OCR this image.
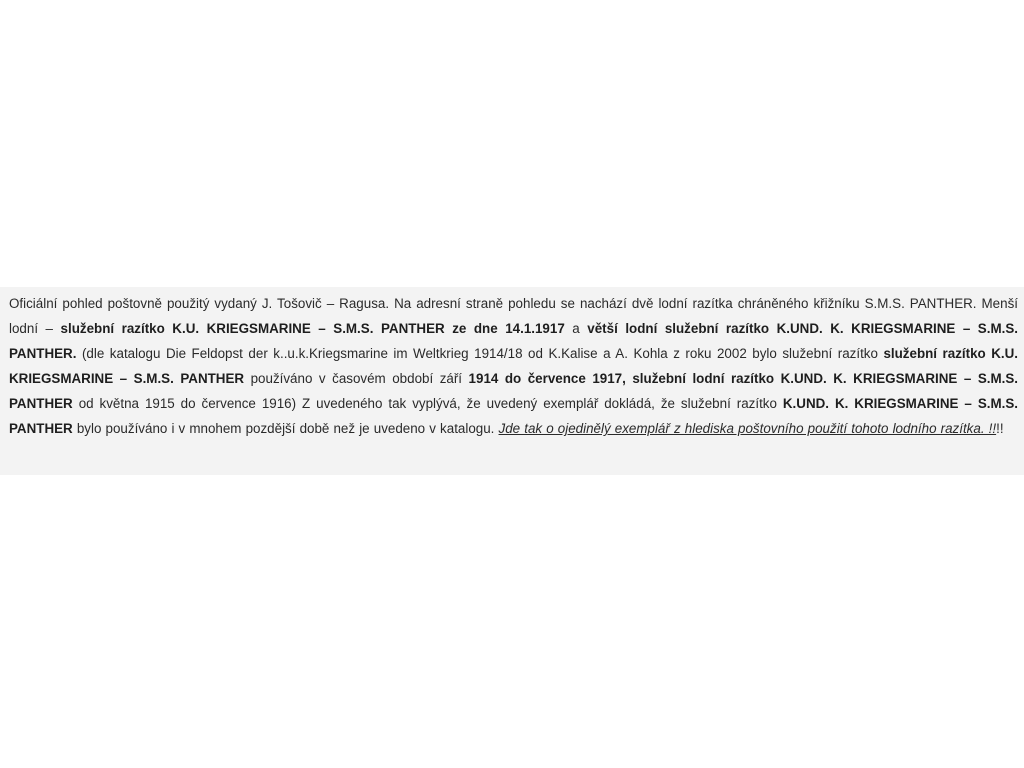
Oficiální pohled poštovně použitý vydaný J. Tošovič – Ragusa. Na adresní straně pohledu se nachází dvě lodní razítka chráněného křižníku S.M.S. PANTHER. Menší lodní – služební razítko K.U. KRIEGSMARINE – S.M.S. PANTHER ze dne 14.1.1917 a větší lodní služební razítko K.UND. K. KRIEGSMARINE – S.M.S. PANTHER. (dle katalogu Die Feldopst der k..u.k.Kriegsmarine im Weltkrieg 1914/18 od K.Kalise a A. Kohla z roku 2002 bylo služební razítko služební razítko K.U. KRIEGSMARINE – S.M.S. PANTHER používáno v časovém období září 1914 do července 1917, služební lodní razítko K.UND. K. KRIEGSMARINE – S.M.S. PANTHER od května 1915 do července 1916) Z uvedeného tak vyplývá, že uvedený exemplář dokládá, že služební razítko K.UND. K. KRIEGSMARINE – S.M.S. PANTHER bylo používáno i v mnohem pozdější době než je uvedeno v katalogu. Jde tak o ojedinělý exemplář z hlediska poštovního použití tohoto lodního razítka. !!!!
